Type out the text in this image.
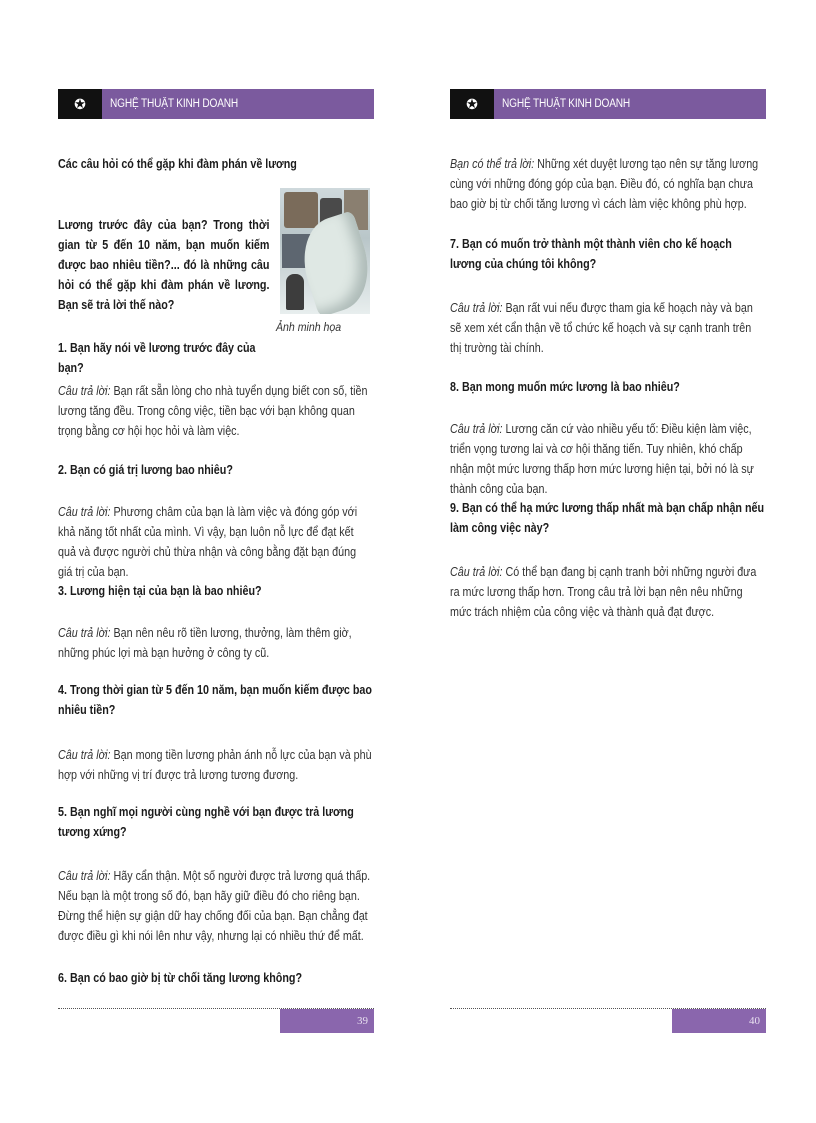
✪ NGHỆ THUẬT KINH DOANH

Các câu hỏi có thể gặp khi đàm phán về lương

Lương trước đây của bạn? Trong thời gian từ 5 đến 10 năm, bạn muốn kiếm được bao nhiêu tiền?... đó là những câu hỏi có thể gặp khi đàm phán về lương. Bạn sẽ trả lời thế nào?

Ảnh minh họa
1. Bạn hãy nói về lương trước đây của bạn?

Câu trả lời: Bạn rất sẵn lòng cho nhà tuyển dụng biết con số, tiền lương tăng đều. Trong công việc, tiền bạc với bạn không quan trọng bằng cơ hội học hỏi và làm việc.

2. Bạn có giá trị lương bao nhiêu?

Câu trả lời: Phương châm của bạn là làm việc và đóng góp với khả năng tốt nhất của mình. Vì vậy, bạn luôn nỗ lực để đạt kết quả và được người chủ thừa nhận và công bằng đặt bạn đúng giá trị của bạn.

3. Lương hiện tại của bạn là bao nhiêu?

Câu trả lời: Bạn nên nêu rõ tiền lương, thưởng, làm thêm giờ, những phúc lợi mà bạn hưởng ở công ty cũ.

4. Trong thời gian từ 5 đến 10 năm, bạn muốn kiếm được bao nhiêu tiền?

Câu trả lời: Bạn mong tiền lương phản ánh nỗ lực của bạn và phù hợp với những vị trí được trả lương tương đương.

5. Bạn nghĩ mọi người cùng nghề với bạn được trả lương tương xứng?

Câu trả lời: Hãy cẩn thận. Một số người được trả lương quá thấp. Nếu bạn là một trong số đó, bạn hãy giữ điều đó cho riêng bạn. Đừng thể hiện sự giận dữ hay chống đối của bạn. Bạn chẳng đạt được điều gì khi nói lên như vậy, nhưng lại có nhiều thứ để mất.

6. Bạn có bao giờ bị từ chối tăng lương không?
39
✪ NGHỆ THUẬT KINH DOANH

Bạn có thể trả lời: Những xét duyệt lương tạo nên sự tăng lương cùng với những đóng góp của bạn. Điều đó, có nghĩa bạn chưa bao giờ bị từ chối tăng lương vì cách làm việc không phù hợp.

7. Bạn có muốn trở thành một thành viên cho kế hoạch lương của chúng tôi không?

Câu trả lời: Bạn rất vui nếu được tham gia kế hoạch này và bạn sẽ xem xét cẩn thận về tổ chức kế hoạch và sự cạnh tranh trên thị trường tài chính.

8. Bạn mong muốn mức lương là bao nhiêu?

Câu trả lời: Lương căn cứ vào nhiều yếu tố: Điều kiện làm việc, triển vọng tương lai và cơ hội thăng tiến. Tuy nhiên, khó chấp nhận một mức lương thấp hơn mức lương hiện tại, bởi nó là sự thành công của bạn.

9. Bạn có thể hạ mức lương thấp nhất mà bạn chấp nhận nếu làm công việc này?

Câu trả lời: Có thể bạn đang bị cạnh tranh bởi những người đưa ra mức lương thấp hơn. Trong câu trả lời bạn nên nêu những mức trách nhiệm của công việc và thành quả đạt được.

40
